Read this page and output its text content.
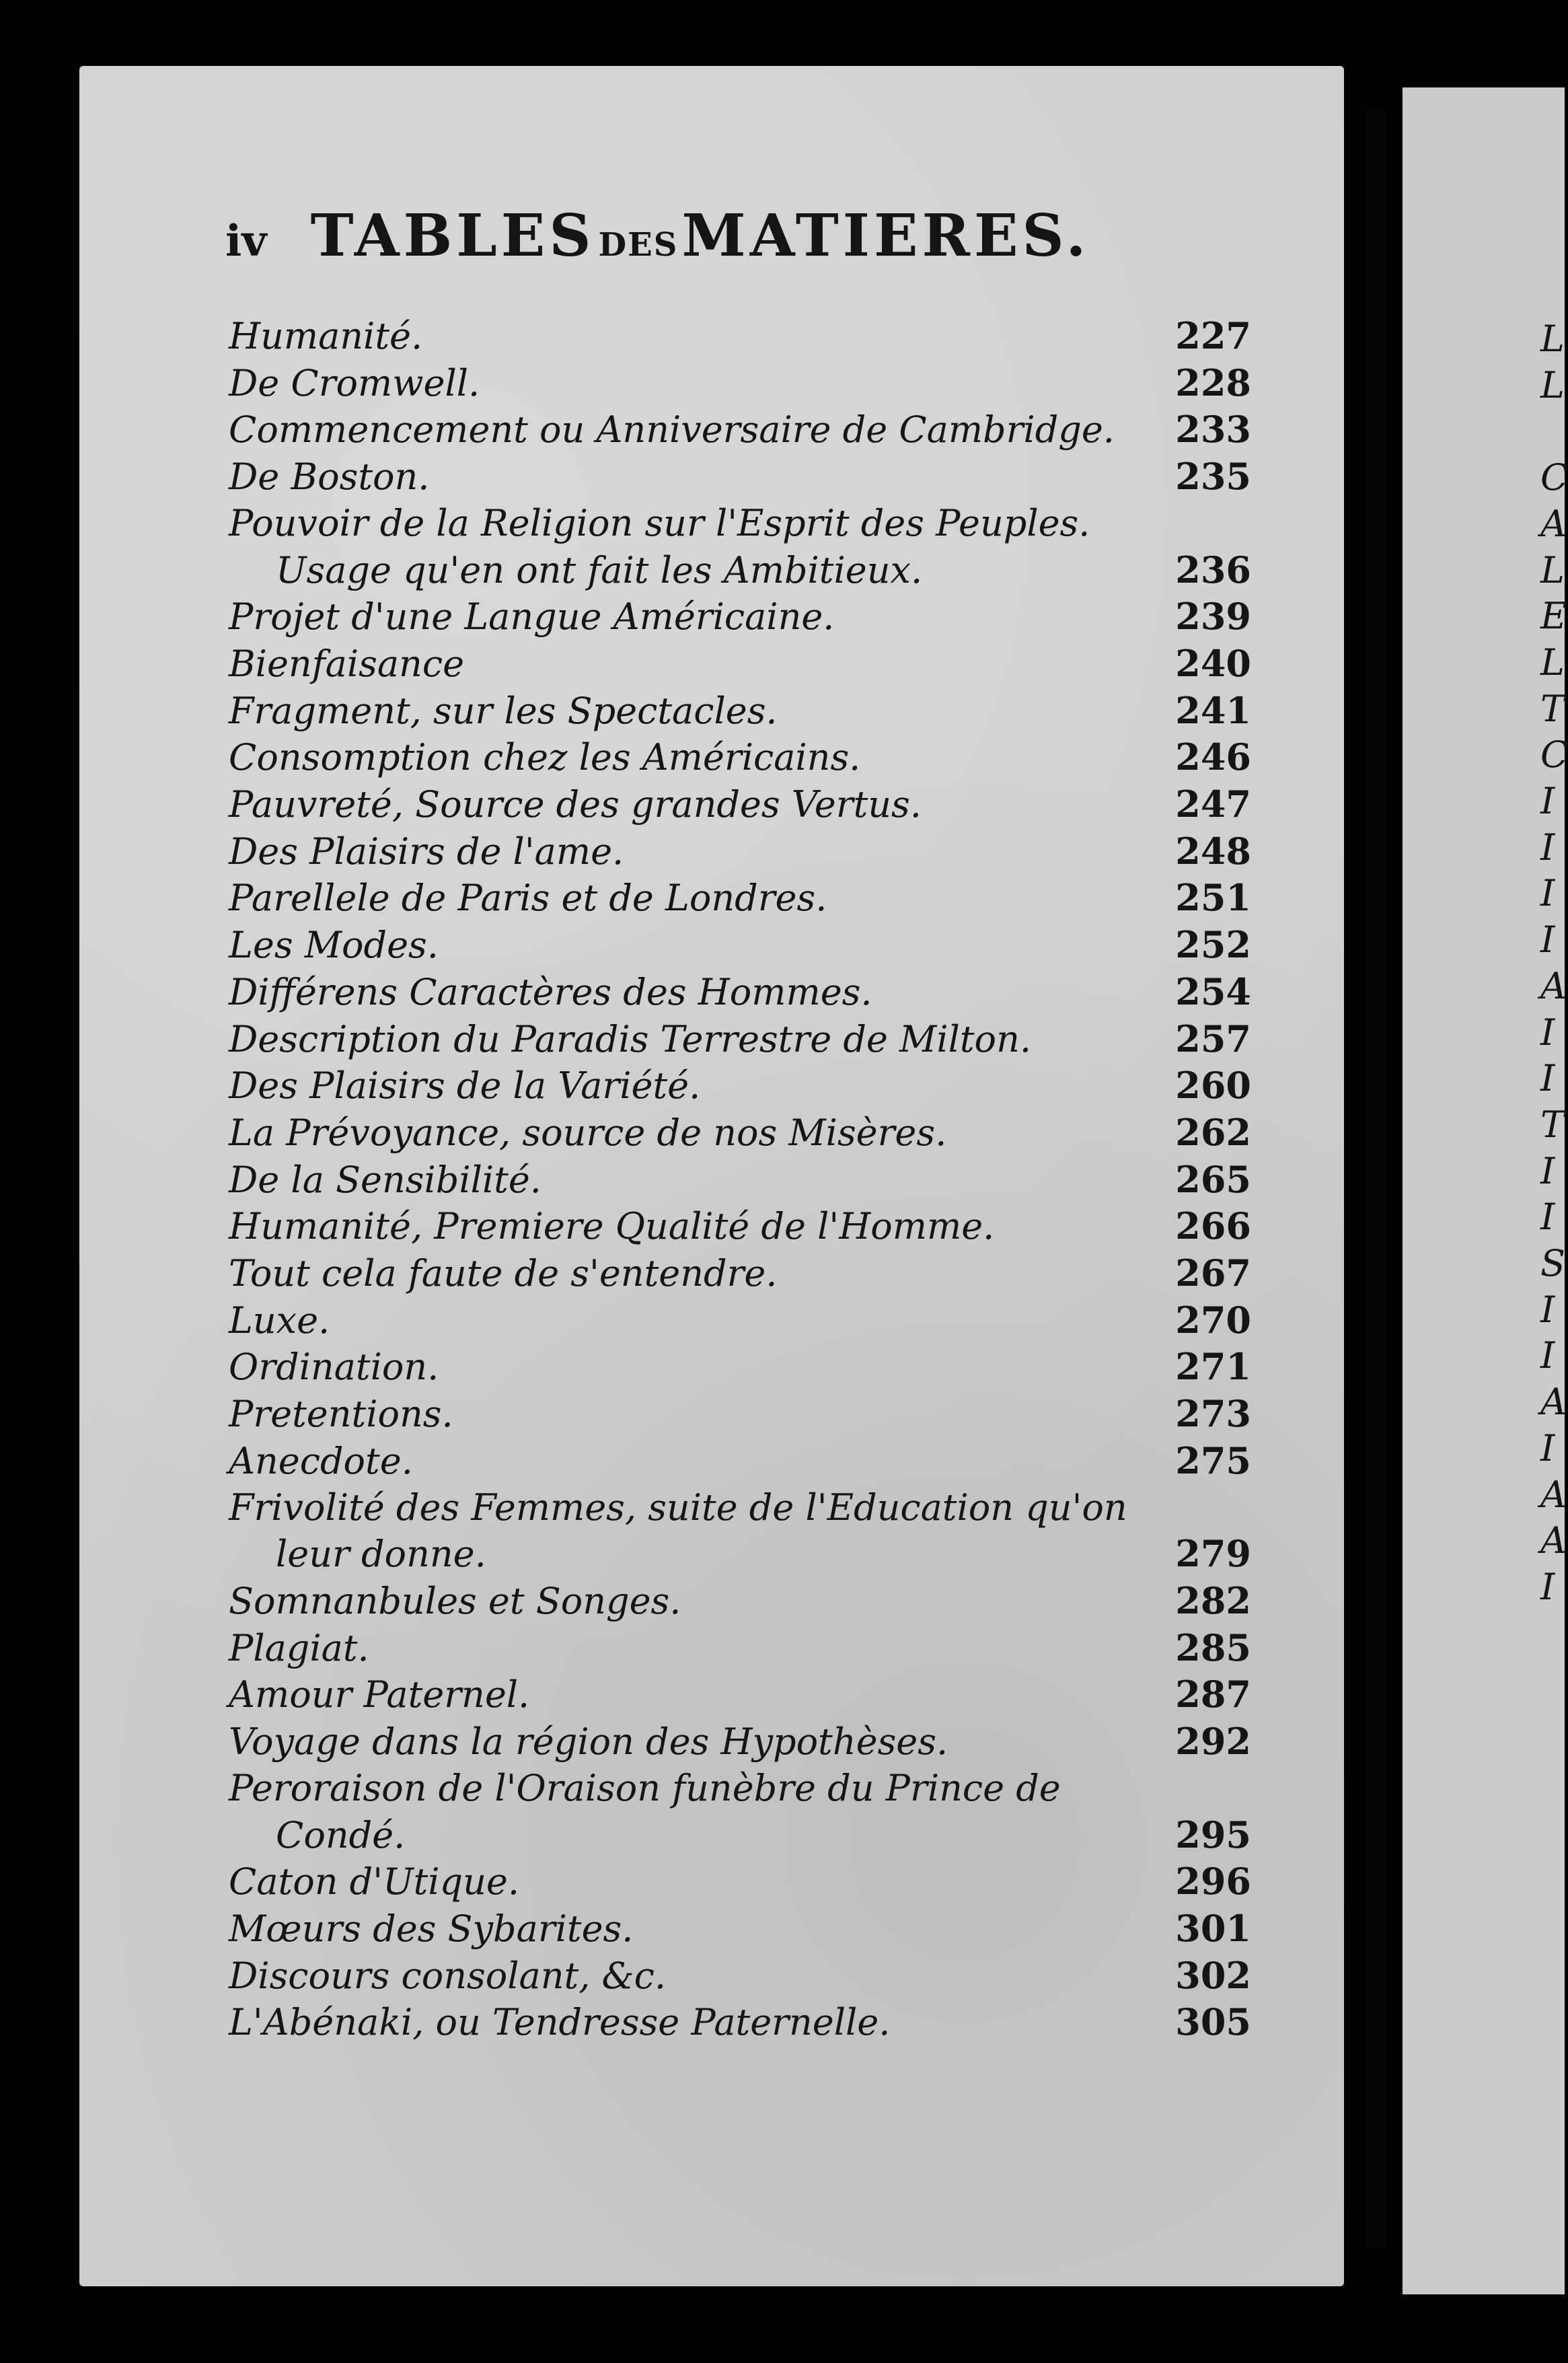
iv TABLES DES MATIERES.
Humanité.	227
De Cromwell.	228
Commencement ou Anniversaire de Cambridge.	233
De Boston.	235
Pouvoir de la Religion sur l'Esprit des Peuples.
Usage qu'en ont fait les Ambitieux.	236
Projet d'une Langue Américaine.	239
Bienfaisance	240
Fragment, sur les Spectacles.	241
Consomption chez les Américains.	246
Pauvreté, Source des grandes Vertus.	247
Des Plaisirs de l'ame.	248
Parellele de Paris et de Londres.	251
Les Modes.	252
Différens Caractères des Hommes.	254
Description du Paradis Terrestre de Milton.	257
Des Plaisirs de la Variété.	260
La Prévoyance, source de nos Misères.	262
De la Sensibilité.	265
Humanité, Premiere Qualité de l'Homme.	266
Tout cela faute de s'entendre.	267
Luxe.	270
Ordination.	271
Pretentions.	273
Anecdote.	275
Frivolité des Femmes, suite de l'Education qu'on
leur donne.	279
Somnanbules et Songes.	282
Plagiat.	285
Amour Paternel.	287
Voyage dans la région des Hypothèses.	292
Peroraison de l'Oraison funèbre du Prince de
Condé.	295
Caton d'Utique.	296
Mœurs des Sybarites.	301
Discours consolant, &c.	302
L'Abénaki, ou Tendresse Paternelle.	305
L
L

C
A
L
E
L
T
C
I
I
I
I
A
I
I
T
I
I
S
I
I
A
I
A
A
I
